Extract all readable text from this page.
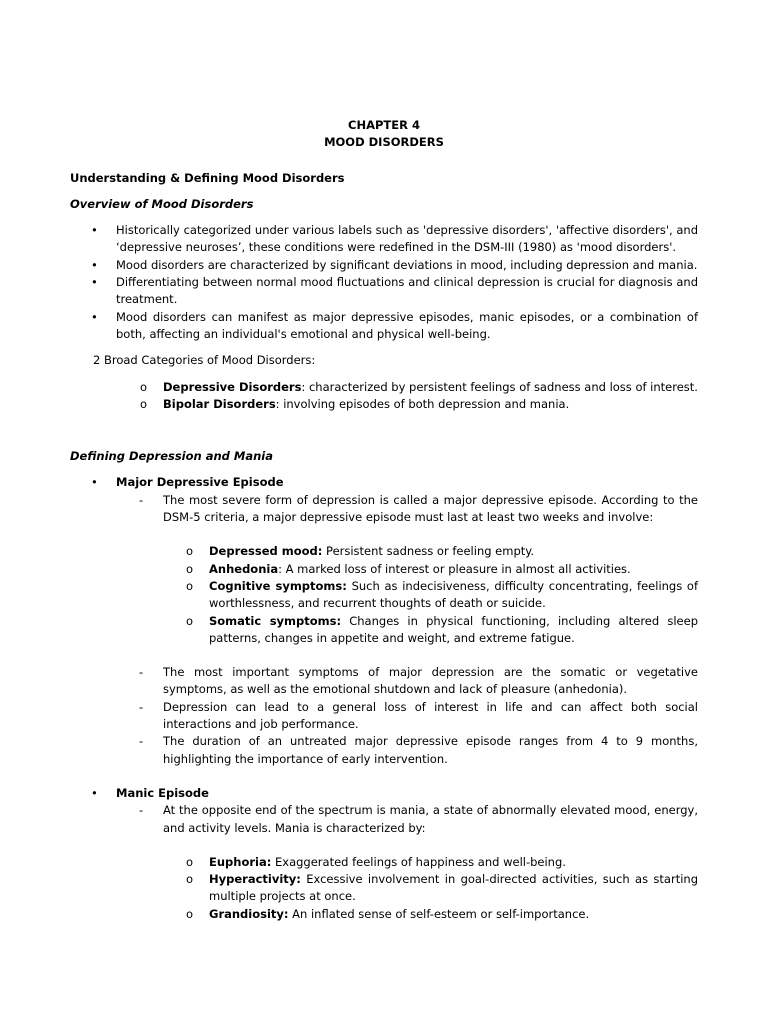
CHAPTER 4
MOOD DISORDERS
Understanding & Defining Mood Disorders
Overview of Mood Disorders
• Historically categorized under various labels such as 'depressive disorders', 'affective disorders', and ‘depressive neuroses’, these conditions were redefined in the DSM-III (1980) as 'mood disorders'.
• Mood disorders are characterized by significant deviations in mood, including depression and mania.
• Differentiating between normal mood fluctuations and clinical depression is crucial for diagnosis and treatment.
• Mood disorders can manifest as major depressive episodes, manic episodes, or a combination of both, affecting an individual's emotional and physical well-being.
2 Broad Categories of Mood Disorders:
o Depressive Disorders: characterized by persistent feelings of sadness and loss of interest.
o Bipolar Disorders: involving episodes of both depression and mania.
Defining Depression and Mania
• Major Depressive Episode
- The most severe form of depression is called a major depressive episode. According to the DSM-5 criteria, a major depressive episode must last at least two weeks and involve:
o Depressed mood: Persistent sadness or feeling empty.
o Anhedonia: A marked loss of interest or pleasure in almost all activities.
o Cognitive symptoms: Such as indecisiveness, difficulty concentrating, feelings of worthlessness, and recurrent thoughts of death or suicide.
o Somatic symptoms: Changes in physical functioning, including altered sleep patterns, changes in appetite and weight, and extreme fatigue.
- The most important symptoms of major depression are the somatic or vegetative symptoms, as well as the emotional shutdown and lack of pleasure (anhedonia).
- Depression can lead to a general loss of interest in life and can affect both social interactions and job performance.
- The duration of an untreated major depressive episode ranges from 4 to 9 months, highlighting the importance of early intervention.
• Manic Episode
- At the opposite end of the spectrum is mania, a state of abnormally elevated mood, energy, and activity levels. Mania is characterized by:
o Euphoria: Exaggerated feelings of happiness and well-being.
o Hyperactivity: Excessive involvement in goal-directed activities, such as starting multiple projects at once.
o Grandiosity: An inflated sense of self-esteem or self-importance.
